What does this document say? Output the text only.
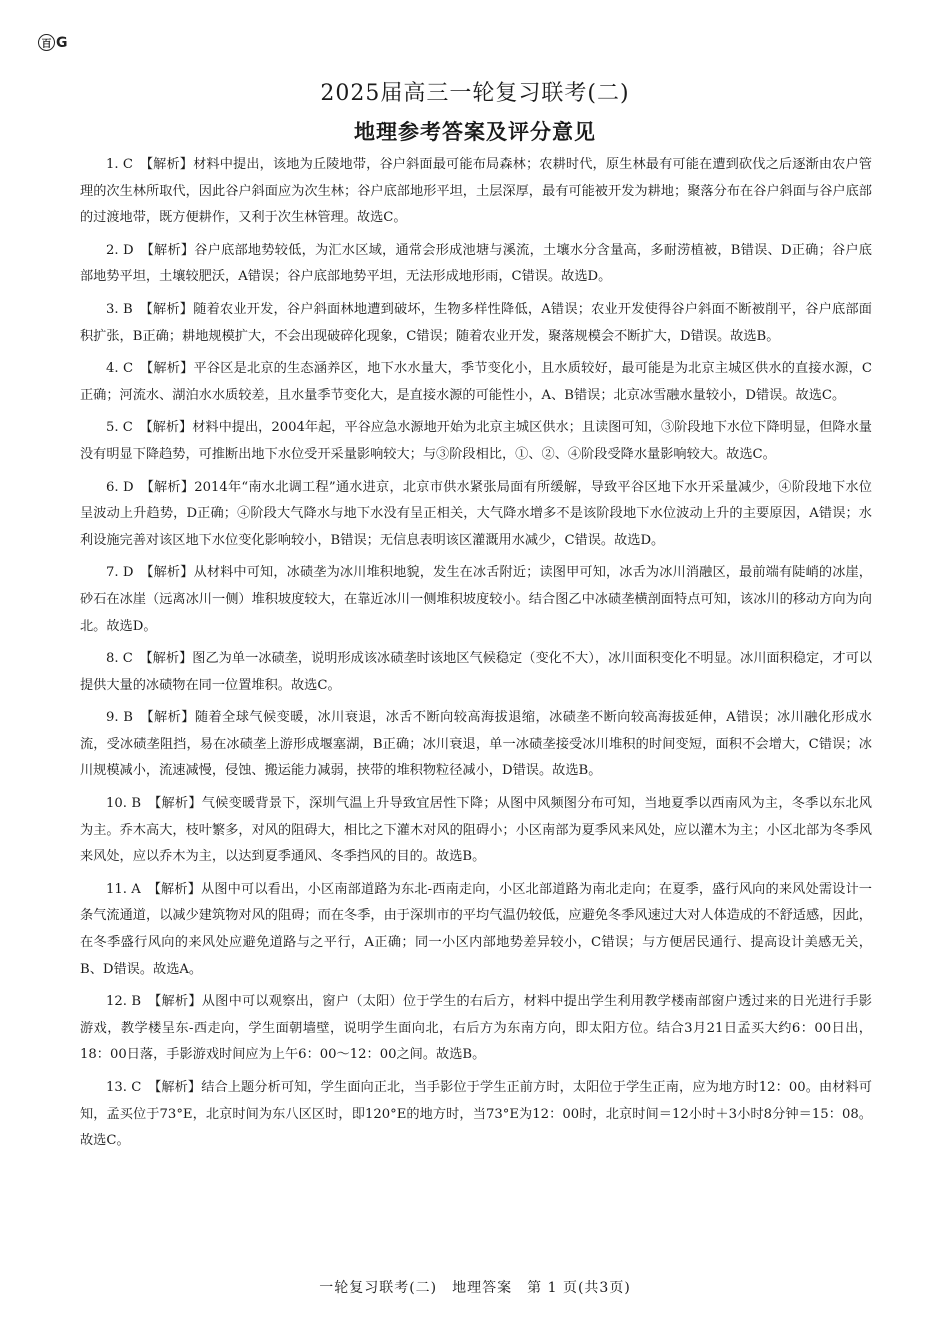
百 G
2025届高三一轮复习联考(二)
地理参考答案及评分意见

1. C　【解析】材料中提出，该地为丘陵地带，谷户斜面最可能布局森林；农耕时代，原生林最有可能在遭到砍伐之后逐渐由农户管理的次生林所取代，因此谷户斜面应为次生林；谷户底部地形平坦，土层深厚，最有可能被开发为耕地；聚落分布在谷户斜面与谷户底部的过渡地带，既方便耕作，又利于次生林管理。故选C。

2. D　【解析】谷户底部地势较低，为汇水区域，通常会形成池塘与溪流，土壤水分含量高，多耐涝植被，B错误、D正确；谷户底部地势平坦，土壤较肥沃，A错误；谷户底部地势平坦，无法形成地形雨，C错误。故选D。

3. B　【解析】随着农业开发，谷户斜面林地遭到破坏，生物多样性降低，A错误；农业开发使得谷户斜面不断被削平，谷户底部面积扩张，B正确；耕地规模扩大，不会出现破碎化现象，C错误；随着农业开发，聚落规模会不断扩大，D错误。故选B。

4. C　【解析】平谷区是北京的生态涵养区，地下水水量大，季节变化小，且水质较好，最可能是为北京主城区供水的直接水源，C正确；河流水、湖泊水水质较差，且水量季节变化大，是直接水源的可能性小，A、B错误；北京冰雪融水量较小，D错误。故选C。

5. C　【解析】材料中提出，2004年起，平谷应急水源地开始为北京主城区供水；且读图可知，③阶段地下水位下降明显，但降水量没有明显下降趋势，可推断出地下水位受开采量影响较大；与③阶段相比，①、②、④阶段受降水量影响较大。故选C。

6. D　【解析】2014年“南水北调工程”通水进京，北京市供水紧张局面有所缓解，导致平谷区地下水开采量减少，④阶段地下水位呈波动上升趋势，D正确；④阶段大气降水与地下水没有呈正相关，大气降水增多不是该阶段地下水位波动上升的主要原因，A错误；水利设施完善对该区地下水位变化影响较小，B错误；无信息表明该区灌溉用水减少，C错误。故选D。

7. D　【解析】从材料中可知，冰碛垄为冰川堆积地貌，发生在冰舌附近；读图甲可知，冰舌为冰川消融区，最前端有陡峭的冰崖，砂石在冰崖（远离冰川一侧）堆积坡度较大，在靠近冰川一侧堆积坡度较小。结合图乙中冰碛垄横剖面特点可知，该冰川的移动方向为向北。故选D。

8. C　【解析】图乙为单一冰碛垄，说明形成该冰碛垄时该地区气候稳定（变化不大），冰川面积变化不明显。冰川面积稳定，才可以提供大量的冰碛物在同一位置堆积。故选C。

9. B　【解析】随着全球气候变暖，冰川衰退，冰舌不断向较高海拔退缩，冰碛垄不断向较高海拔延伸，A错误；冰川融化形成水流，受冰碛垄阻挡，易在冰碛垄上游形成堰塞湖，B正确；冰川衰退，单一冰碛垄接受冰川堆积的时间变短，面积不会增大，C错误；冰川规模减小，流速减慢，侵蚀、搬运能力减弱，挟带的堆积物粒径减小，D错误。故选B。

10. B　【解析】气候变暖背景下，深圳气温上升导致宜居性下降；从图中风频图分布可知，当地夏季以西南风为主，冬季以东北风为主。乔木高大，枝叶繁多，对风的阻碍大，相比之下灌木对风的阻碍小；小区南部为夏季风来风处，应以灌木为主；小区北部为冬季风来风处，应以乔木为主，以达到夏季通风、冬季挡风的目的。故选B。

11. A　【解析】从图中可以看出，小区南部道路为东北-西南走向，小区北部道路为南北走向；在夏季，盛行风向的来风处需设计一条气流通道，以减少建筑物对风的阻碍；而在冬季，由于深圳市的平均气温仍较低，应避免冬季风速过大对人体造成的不舒适感，因此，在冬季盛行风向的来风处应避免道路与之平行，A正确；同一小区内部地势差异较小，C错误；与方便居民通行、提高设计美感无关，B、D错误。故选A。

12. B　【解析】从图中可以观察出，窗户（太阳）位于学生的右后方，材料中提出学生利用教学楼南部窗户透过来的日光进行手影游戏，教学楼呈东-西走向，学生面朝墙壁，说明学生面向北，右后方为东南方向，即太阳方位。结合3月21日孟买大约6：00日出，18：00日落，手影游戏时间应为上午6：00～12：00之间。故选B。

13. C　【解析】结合上题分析可知，学生面向正北，当手影位于学生正前方时，太阳位于学生正南，应为地方时12：00。由材料可知，孟买位于73°E，北京时间为东八区区时，即120°E的地方时，当73°E为12：00时，北京时间＝12小时＋3小时8分钟＝15：08。故选C。

一轮复习联考(二)　地理答案　第 1 页(共3页)
